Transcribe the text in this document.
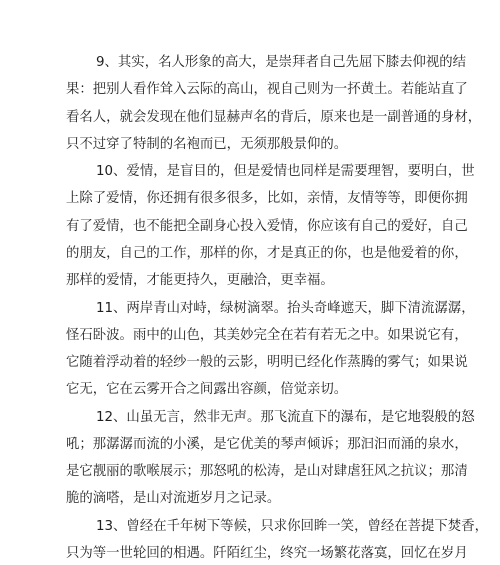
9、其实，名人形象的高大，是崇拜者自己先屈下膝去仰视的结
果：把别人看作耸入云际的高山，视自己则为一抔黄土。若能站直了
看名人，就会发现在他们显赫声名的背后，原来也是一副普通的身材，
只不过穿了特制的名袍而已，无须那般景仰的。
10、爱情，是盲目的，但是爱情也同样是需要理智，要明白，世
上除了爱情，你还拥有很多很多，比如，亲情，友情等等，即便你拥
有了爱情，也不能把全副身心投入爱情，你应该有自己的爱好，自己
的朋友，自己的工作，那样的你，才是真正的你，也是他爱着的你，
那样的爱情，才能更持久，更融洽，更幸福。
11、两岸青山对峙，绿树滴翠。抬头奇峰遮天，脚下清流潺潺，
怪石卧波。雨中的山色，其美妙完全在若有若无之中。如果说它有，
它随着浮动着的轻纱一般的云影，明明已经化作蒸腾的雾气；如果说
它无，它在云雾开合之间露出容颜，倍觉亲切。
12、山虽无言，然非无声。那飞流直下的瀑布，是它地裂般的怒
吼；那潺潺而流的小溪，是它优美的琴声倾诉；那汩汩而涌的泉水，
是它靓丽的歌喉展示；那怒吼的松涛，是山对肆虐狂风之抗议；那清
脆的滴嗒，是山对流逝岁月之记录。
13、曾经在千年树下等候，只求你回眸一笑，曾经在菩提下焚香，
只为等一世轮回的相遇。阡陌红尘，终究一场繁花落寞，回忆在岁月
